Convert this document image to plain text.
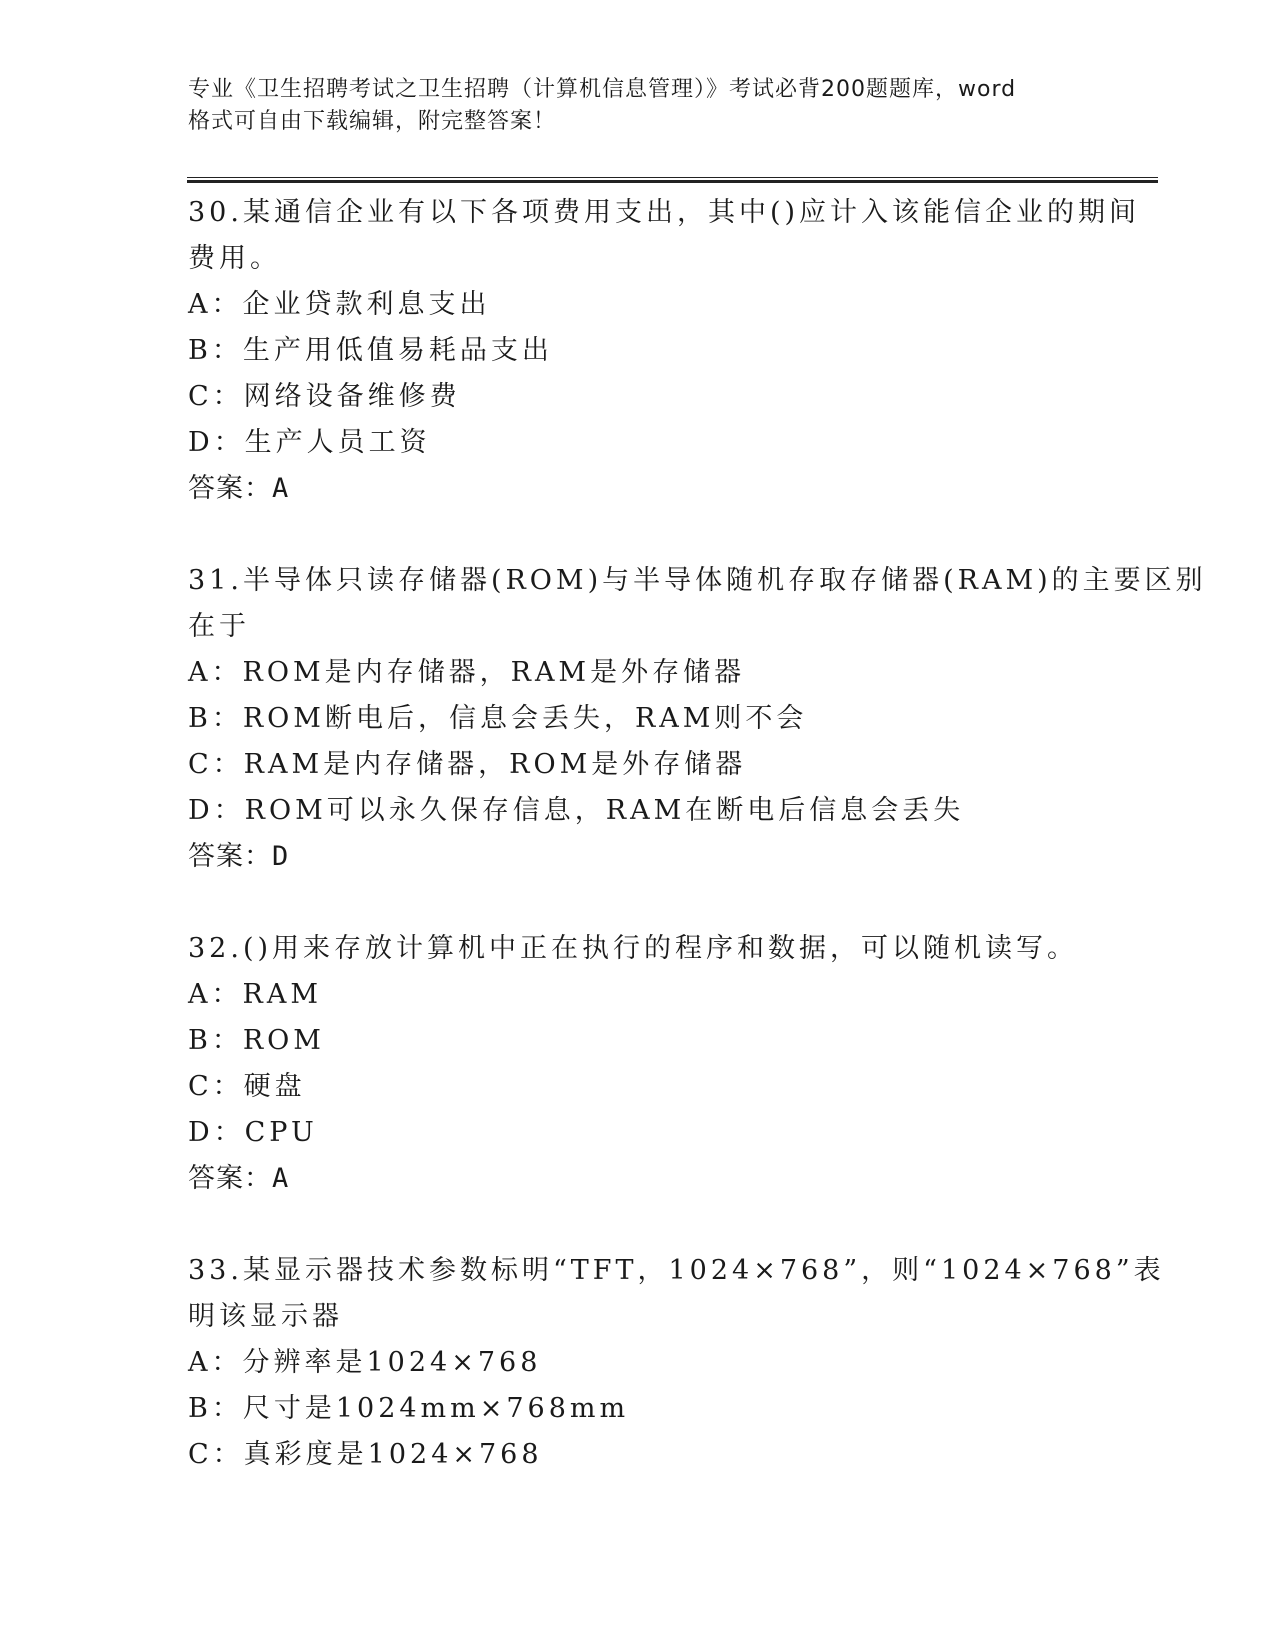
专业《卫生招聘考试之卫生招聘（计算机信息管理）》考试必背200题题库，word
格式可自由下载编辑，附完整答案！

30.某通信企业有以下各项费用支出，其中()应计入该能信企业的期间

费用。

A：企业贷款利息支出

B：生产用低值易耗品支出

C：网络设备维修费

D：生产人员工资

答案：A

31.半导体只读存储器(ROM)与半导体随机存取存储器(RAM)的主要区别

在于

A：ROM是内存储器，RAM是外存储器

B：ROM断电后，信息会丢失，RAM则不会

C：RAM是内存储器，ROM是外存储器

D：ROM可以永久保存信息，RAM在断电后信息会丢失

答案：D

32.()用来存放计算机中正在执行的程序和数据，可以随机读写。

A：RAM

B：ROM

C：硬盘

D：CPU

答案：A

33.某显示器技术参数标明“TFT，1024×768”，则“1024×768”表

明该显示器

A：分辨率是1024×768

B：尺寸是1024mm×768mm

C：真彩度是1024×768
